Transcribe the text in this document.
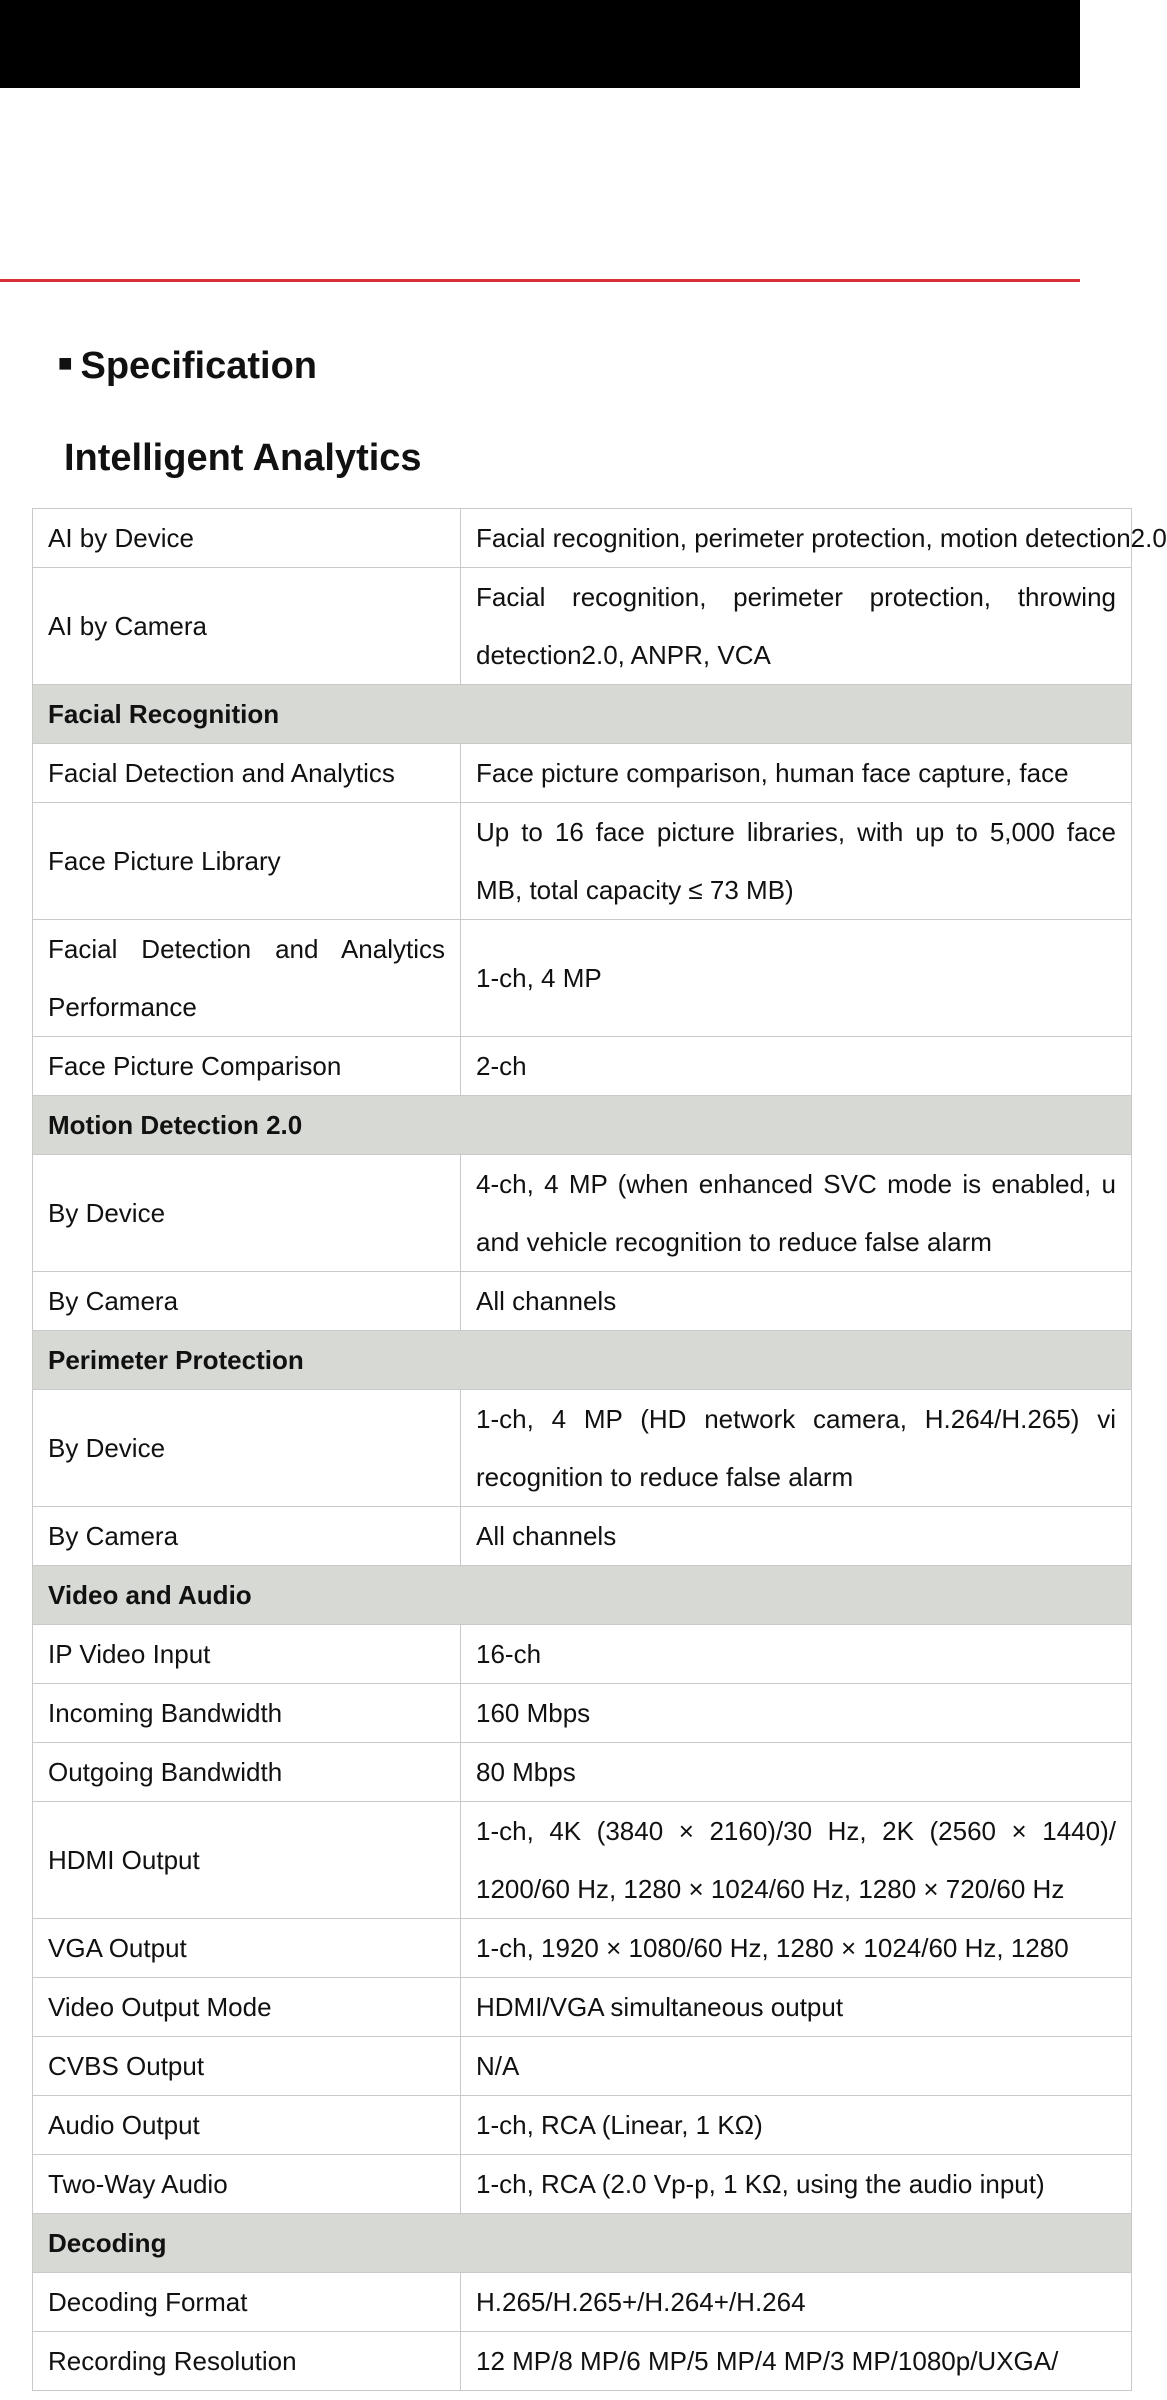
■ Specification
Intelligent Analytics
AI by Device	Facial recognition, perimeter protection, motion detection2.0
AI by Camera	Facial recognition, perimeter protection, throwing
detection2.0, ANPR, VCA

Facial Recognition	
Facial Detection and Analytics	Face picture comparison, human face capture, face
Face Picture Library	Up to 16 face picture libraries, with up to 5,000 face
MB, total capacity ≤ 73 MB)

Facial Detection and Analytics
Performance	1-ch, 4 MP
Face Picture Comparison	2-ch
Motion Detection 2.0	
By Device	4-ch, 4 MP (when enhanced SVC mode is enabled, u
and vehicle recognition to reduce false alarm

By Camera	All channels
Perimeter Protection	
By Device	1-ch, 4 MP (HD network camera, H.264/H.265) vi
recognition to reduce false alarm

By Camera	All channels
Video and Audio	
IP Video Input	16-ch
Incoming Bandwidth	160 Mbps
Outgoing Bandwidth	80 Mbps
HDMI Output	1-ch, 4K (3840 × 2160)/30 Hz, 2K (2560 × 1440)/
1200/60 Hz, 1280 × 1024/60 Hz, 1280 × 720/60 Hz

VGA Output	1-ch, 1920 × 1080/60 Hz, 1280 × 1024/60 Hz, 1280
Video Output Mode	HDMI/VGA simultaneous output
CVBS Output	N/A
Audio Output	1-ch, RCA (Linear, 1 KΩ)
Two-Way Audio	1-ch, RCA (2.0 Vp-p, 1 KΩ, using the audio input)
Decoding	
Decoding Format	H.265/H.265+/H.264+/H.264
Recording Resolution	12 MP/8 MP/6 MP/5 MP/4 MP/3 MP/1080p/UXGA/
